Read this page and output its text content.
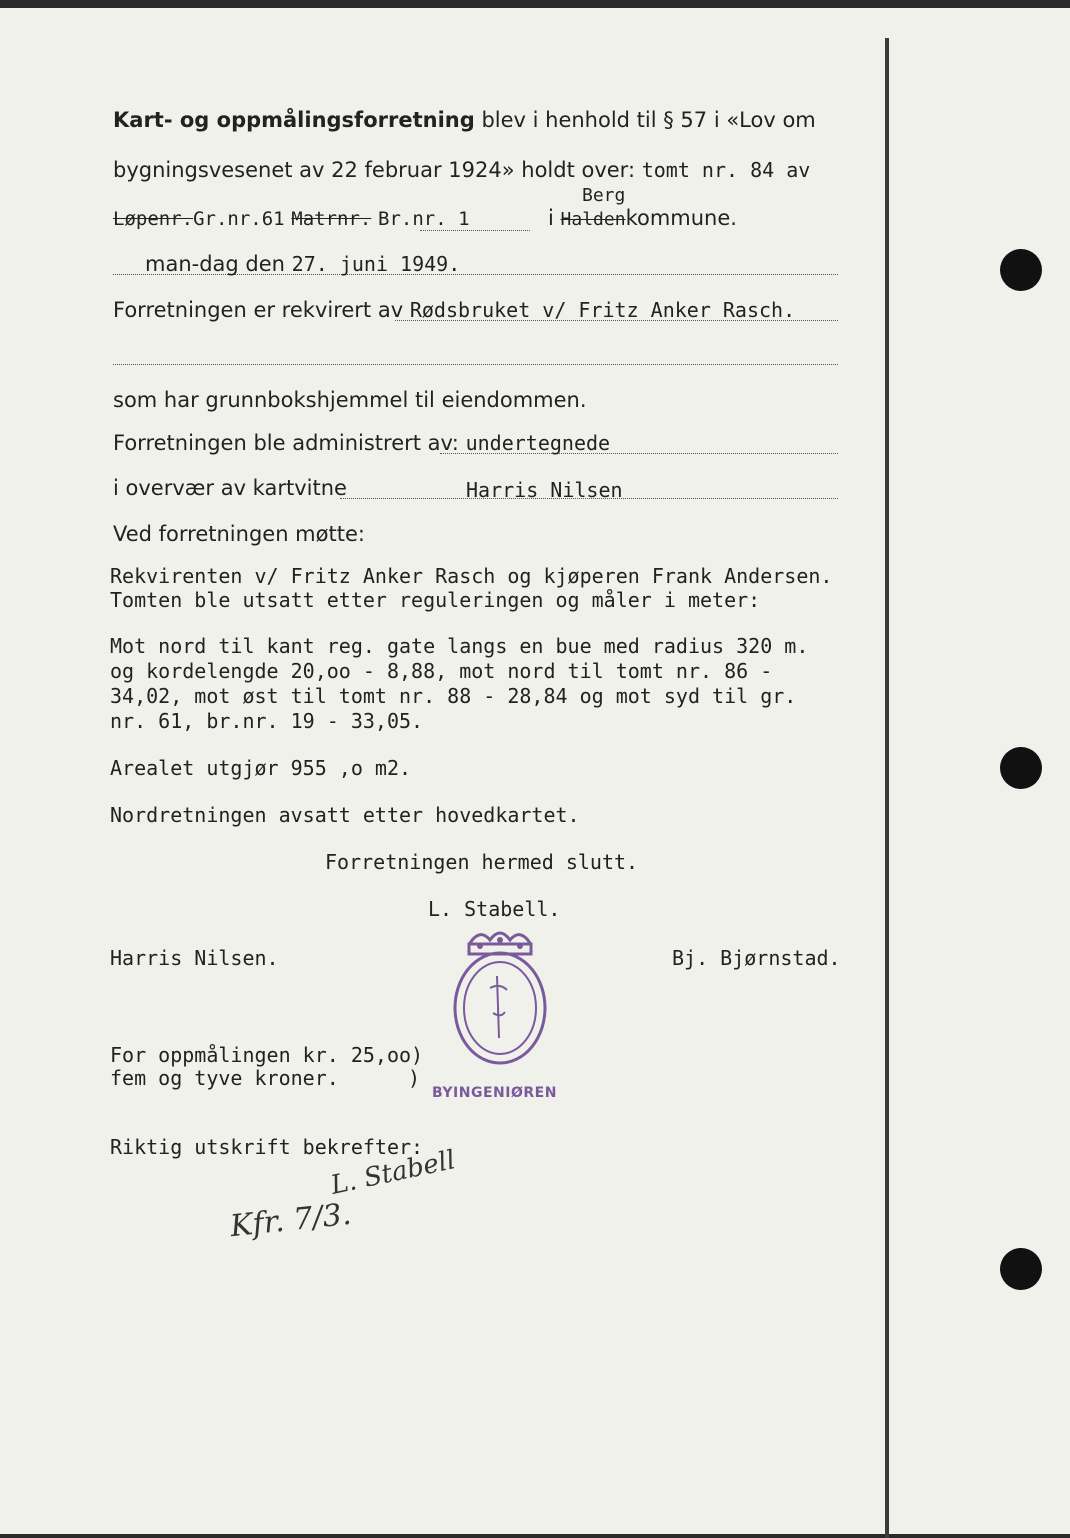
Kart- og oppmålingsforretning blev i henhold til § 57 i «Lov om
bygningsvesenet av 22 februar 1924» holdt over: tomt nr. 84 av
Berg
Løpenr.Gr.nr.61 Matrnr. Br.nr. 1	i Haldenkommune.
man-dag den 27. juni 1949.
Forretningen er rekvirert av Rødsbruket v/ Fritz Anker Rasch.
som har grunnbokshjemmel til eiendommen.
Forretningen ble administrert av: undertegnede
i overvær av kartvitne	Harris Nilsen
Ved forretningen møtte:
Rekvirenten v/ Fritz Anker Rasch og kjøperen Frank Andersen.
Tomten ble utsatt etter reguleringen og måler i meter:
Mot nord til kant reg. gate langs en bue med radius 320 m.
og kordelengde 20,oo - 8,88, mot nord til tomt nr. 86 -
34,02, mot øst til tomt nr. 88 - 28,84 og mot syd til gr.
nr. 61, br.nr. 19 - 33,05.
Arealet utgjør 955 ,o m2.
Nordretningen avsatt etter hovedkartet.
Forretningen hermed slutt.
L. Stabell.
Harris Nilsen.	Bj. Bjørnstad.
BYINGENIØREN
For oppmålingen kr. 25,oo)
fem og tyve kroner.	)
Riktig utskrift bekrefter:
L. Stabell
Kfr. 7/3.
